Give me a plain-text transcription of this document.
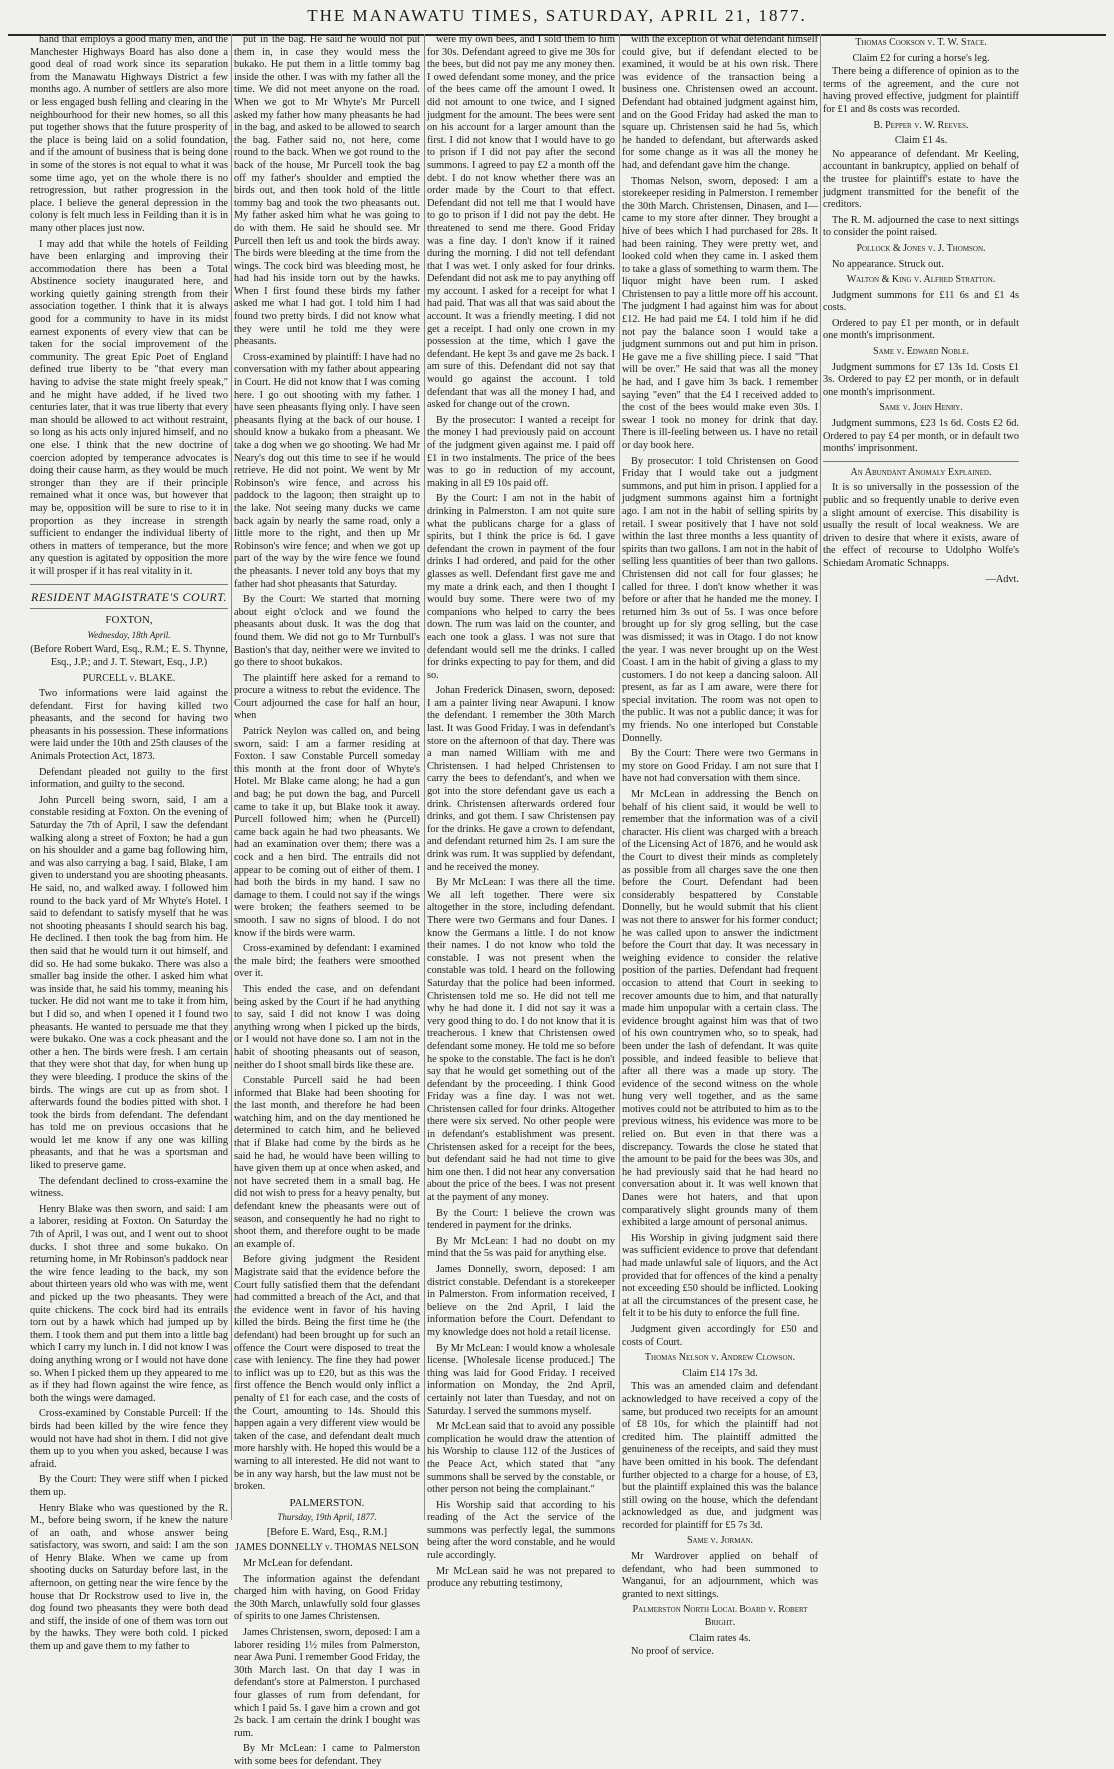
THE MANAWATU TIMES, SATURDAY, APRIL 21, 1877.

hand that employs a good many men, and the Manchester Highways Board has also done a good deal of road work since its separation from the Manawatu Highways District a few months ago. A number of settlers are also more or less engaged bush felling and clearing in the neighbourhood for their new homes, so all this put together shows that the future prosperity of the place is being laid on a solid foundation, and if the amount of business that is being done in some of the stores is not equal to what it was some time ago, yet on the whole there is no retrogression, but rather progression in the place. I believe the general depression in the colony is felt much less in Feilding than it is in many other places just now.

I may add that while the hotels of Feilding have been enlarging and improving their accommodation there has been a Total Abstinence society inaugurated here, and working quietly gaining strength from their association together. I think that it is always good for a community to have in its midst earnest exponents of every view that can be taken for the social improvement of the community. The great Epic Poet of England defined true liberty to be "that every man having to advise the state might freely speak," and he might have added, if he lived two centuries later, that it was true liberty that every man should be allowed to act without restraint, so long as his acts only injured himself, and no one else. I think that the new doctrine of coercion adopted by temperance advocates is doing their cause harm, as they would be much stronger than they are if their principle remained what it once was, but however that may be, opposition will be sure to rise to it in proportion as they increase in strength sufficient to endanger the individual liberty of others in matters of temperance, but the more any question is agitated by opposition the more it will prosper if it has real vitality in it.

RESIDENT MAGISTRATE'S COURT.
FOXTON,
Wednesday, 18th April.
(Before Robert Ward, Esq., R.M.; E. S. Thynne, Esq., J.P.; and J. T. Stewart, Esq., J.P.)
PURCELL v. BLAKE.

Two informations were laid against the defendant. First for having killed two pheasants, and the second for having two pheasants in his possession. These informations were laid under the 10th and 25th clauses of the Animals Protection Act, 1873.

Defendant pleaded not guilty to the first information, and guilty to the second.

John Purcell being sworn, said, I am a constable residing at Foxton. On the evening of Saturday the 7th of April, I saw the defendant walking along a street of Foxton; he had a gun on his shoulder and a game bag following him, and was also carrying a bag. I said, Blake, I am given to understand you are shooting pheasants. He said, no, and walked away. I followed him round to the back yard of Mr Whyte's Hotel. I said to defendant to satisfy myself that he was not shooting pheasants I should search his bag. He declined. I then took the bag from him. He then said that he would turn it out himself, and did so. He had some bukako. There was also a smaller bag inside the other. I asked him what was inside that, he said his tommy, meaning his tucker. He did not want me to take it from him, but I did so, and when I opened it I found two pheasants. He wanted to persuade me that they were bukako. One was a cock pheasant and the other a hen. The birds were fresh. I am certain that they were shot that day, for when hung up they were bleeding. I produce the skins of the birds. The wings are cut up as from shot. I afterwards found the bodies pitted with shot. I took the birds from defendant. The defendant has told me on previous occasions that he would let me know if any one was killing pheasants, and that he was a sportsman and liked to preserve game.

The defendant declined to cross-examine the witness.

Henry Blake was then sworn, and said: I am a laborer, residing at Foxton. On Saturday the 7th of April, I was out, and I went out to shoot ducks. I shot three and some bukako. On returning home, in Mr Robinson's paddock near the wire fence leading to the back, my son about thirteen years old who was with me, went and picked up the two pheasants. They were quite chickens. The cock bird had its entrails torn out by a hawk which had jumped up by them. I took them and put them into a little bag which I carry my lunch in. I did not know I was doing anything wrong or I would not have done so. When I picked them up they appeared to me as if they had flown against the wire fence, as both the wings were damaged.

Cross-examined by Constable Purcell: If the birds had been killed by the wire fence they would not have had shot in them. I did not give them up to you when you asked, because I was afraid.

By the Court: They were stiff when I picked them up.

Henry Blake who was questioned by the R. M., before being sworn, if he knew the nature of an oath, and whose answer being satisfactory, was sworn, and said: I am the son of Henry Blake. When we came up from shooting ducks on Saturday before last, in the afternoon, on getting near the wire fence by the house that Dr Rockstrow used to live in, the dog found two pheasants they were both dead and stiff, the inside of one of them was torn out by the hawks. They were both cold. I picked them up and gave them to my father to

put in the bag. He said he would not put them in, in case they would mess the bukako. He put them in a little tommy bag inside the other. I was with my father all the time. We did not meet anyone on the road. When we got to Mr Whyte's Mr Purcell asked my father how many pheasants he had in the bag, and asked to be allowed to search the bag. Father said no, not here, come round to the back. When we got round to the back of the house, Mr Purcell took the bag off my father's shoulder and emptied the birds out, and then took hold of the little tommy bag and took the two pheasants out. My father asked him what he was going to do with them. He said he should see. Mr Purcell then left us and took the birds away. The birds were bleeding at the time from the wings. The cock bird was bleeding most, he had had his inside torn out by the hawks. When I first found these birds my father asked me what I had got. I told him I had found two pretty birds. I did not know what they were until he told me they were pheasants.

Cross-examined by plaintiff: I have had no conversation with my father about appearing in Court. He did not know that I was coming here. I go out shooting with my father. I have seen pheasants flying only. I have seen pheasants flying at the back of our house. I should know a bukako from a pheasant. We take a dog when we go shooting. We had Mr Neary's dog out this time to see if he would retrieve. He did not point. We went by Mr Robinson's wire fence, and across his paddock to the lagoon; then straight up to the lake. Not seeing many ducks we came back again by nearly the same road, only a little more to the right, and then up Mr Robinson's wire fence; and when we got up part of the way by the wire fence we found the pheasants. I never told any boys that my father had shot pheasants that Saturday.

By the Court: We started that morning about eight o'clock and we found the pheasants about dusk. It was the dog that found them. We did not go to Mr Turnbull's Bastion's that day, neither were we invited to go there to shoot bukakos.

The plaintiff here asked for a remand to procure a witness to rebut the evidence. The Court adjourned the case for half an hour, when

Patrick Neylon was called on, and being sworn, said: I am a farmer residing at Foxton. I saw Constable Purcell someday this month at the front door of Whyte's Hotel. Mr Blake came along; he had a gun and bag; he put down the bag, and Purcell came to take it up, but Blake took it away. Purcell followed him; when he (Purcell) came back again he had two pheasants. We had an examination over them; there was a cock and a hen bird. The entrails did not appear to be coming out of either of them. I had both the birds in my hand. I saw no damage to them. I could not say if the wings were broken; the feathers seemed to be smooth. I saw no signs of blood. I do not know if the birds were warm.

Cross-examined by defendant: I examined the male bird; the feathers were smoothed over it.

This ended the case, and on defendant being asked by the Court if he had anything to say, said I did not know I was doing anything wrong when I picked up the birds, or I would not have done so. I am not in the habit of shooting pheasants out of season, neither do I shoot small birds like these are.

Constable Purcell said he had been informed that Blake had been shooting for the last month, and therefore he had been watching him, and on the day mentioned he determined to catch him, and he believed that if Blake had come by the birds as he said he had, he would have been willing to have given them up at once when asked, and not have secreted them in a small bag. He did not wish to press for a heavy penalty, but defendant knew the pheasants were out of season, and consequently he had no right to shoot them, and therefore ought to be made an example of.

Before giving judgment the Resident Magistrate said that the evidence before the Court fully satisfied them that the defendant had committed a breach of the Act, and that the evidence went in favor of his having killed the birds. Being the first time he (the defendant) had been brought up for such an offence the Court were disposed to treat the case with leniency. The fine they had power to inflict was up to £20, but as this was the first offence the Bench would only inflict a penalty of £1 for each case, and the costs of the Court, amounting to 14s. Should this happen again a very different view would be taken of the case, and defendant dealt much more harshly with. He hoped this would be a warning to all interested. He did not want to be in any way harsh, but the law must not be broken.

PALMERSTON.
Thursday, 19th April, 1877.
[Before E. Ward, Esq., R.M.]
JAMES DONNELLY v. THOMAS NELSON

Mr McLean for defendant.

The information against the defendant charged him with having, on Good Friday the 30th March, unlawfully sold four glasses of spirits to one James Christensen.

James Christensen, sworn, deposed: I am a laborer residing 1½ miles from Palmerston, near Awa Puni. I remember Good Friday, the 30th March last. On that day I was in defendant's store at Palmerston. I purchased four glasses of rum from defendant, for which I paid 5s. I gave him a crown and got 2s back. I am certain the drink I bought was rum.

By Mr McLean: I came to Palmerston with some bees for defendant. They

were my own bees, and I sold them to him for 30s. Defendant agreed to give me 30s for the bees, but did not pay me any money then. I owed defendant some money, and the price of the bees came off the amount I owed. It did not amount to one twice, and I signed judgment for the amount. The bees were sent on his account for a larger amount than the first. I did not know that I would have to go to prison if I did not pay after the second summons. I agreed to pay £2 a month off the debt. I do not know whether there was an order made by the Court to that effect. Defendant did not tell me that I would have to go to prison if I did not pay the debt. He threatened to send me there. Good Friday was a fine day. I don't know if it rained during the morning. I did not tell defendant that I was wet. I only asked for four drinks. Defendant did not ask me to pay anything off my account. I asked for a receipt for what I had paid. That was all that was said about the account. It was a friendly meeting. I did not get a receipt. I had only one crown in my possession at the time, which I gave the defendant. He kept 3s and gave me 2s back. I am sure of this. Defendant did not say that would go against the account. I told defendant that was all the money I had, and asked for change out of the crown.

By the prosecutor: I wanted a receipt for the money I had previously paid on account of the judgment given against me. I paid off £1 in two instalments. The price of the bees was to go in reduction of my account, making in all £9 10s paid off.

By the Court: I am not in the habit of drinking in Palmerston. I am not quite sure what the publicans charge for a glass of spirits, but I think the price is 6d. I gave defendant the crown in payment of the four drinks I had ordered, and paid for the other glasses as well. Defendant first gave me and my mate a drink each, and then I thought I would buy some. There were two of my companions who helped to carry the bees down. The rum was laid on the counter, and each one took a glass. I was not sure that defendant would sell me the drinks. I called for drinks expecting to pay for them, and did so.

Johan Frederick Dinasen, sworn, deposed: I am a painter living near Awapuni. I know the defendant. I remember the 30th March last. It was Good Friday. I was in defendant's store on the afternoon of that day. There was a man named William with me and Christensen. I had helped Christensen to carry the bees to defendant's, and when we got into the store defendant gave us each a drink. Christensen afterwards ordered four drinks, and got them. I saw Christensen pay for the drinks. He gave a crown to defendant, and defendant returned him 2s. I am sure the drink was rum. It was supplied by defendant, and he received the money.

By Mr McLean: I was there all the time. We all left together. There were six altogether in the store, including defendant. There were two Germans and four Danes. I know the Germans a little. I do not know their names. I do not know who told the constable. I was not present when the constable was told. I heard on the following Saturday that the police had been informed. Christensen told me so. He did not tell me why he had done it. I did not say it was a very good thing to do. I do not know that it is treacherous. I knew that Christensen owed defendant some money. He told me so before he spoke to the constable. The fact is he don't say that he would get something out of the defendant by the proceeding. I think Good Friday was a fine day. I was not wet. Christensen called for four drinks. Altogether there were six served. No other people were in defendant's establishment was present. Christensen asked for a receipt for the bees, but defendant said he had not time to give him one then. I did not hear any conversation about the price of the bees. I was not present at the payment of any money.

By the Court: I believe the crown was tendered in payment for the drinks.

By Mr McLean: I had no doubt on my mind that the 5s was paid for anything else.

James Donnelly, sworn, deposed: I am district constable. Defendant is a storekeeper in Palmerston. From information received, I believe on the 2nd April, I laid the information before the Court. Defendant to my knowledge does not hold a retail license.

By Mr McLean: I would know a wholesale license. [Wholesale license produced.] The thing was laid for Good Friday. I received information on Monday, the 2nd April, certainly not later than Tuesday, and not on Saturday. I served the summons myself.

Mr McLean said that to avoid any possible complication he would draw the attention of his Worship to clause 112 of the Justices of the Peace Act, which stated that "any summons shall be served by the constable, or other person not being the complainant."

His Worship said that according to his reading of the Act the service of the summons was perfectly legal, the summons being after the word constable, and he would rule accordingly.

Mr McLean said he was not prepared to produce any rebutting testimony,

with the exception of what defendant himself could give, but if defendant elected to be examined, it would be at his own risk. There was evidence of the transaction being a business one. Christensen owed an account. Defendant had obtained judgment against him, and on the Good Friday had asked the man to square up. Christensen said he had 5s, which he handed to defendant, but afterwards asked for some change as it was all the money he had, and defendant gave him the change.

Thomas Nelson, sworn, deposed: I am a storekeeper residing in Palmerston. I remember the 30th March. Christensen, Dinasen, and I—came to my store after dinner. They brought a hive of bees which I had purchased for 28s. It had been raining. They were pretty wet, and looked cold when they came in. I asked them to take a glass of something to warm them. The liquor might have been rum. I asked Christensen to pay a little more off his account. The judgment I had against him was for about £12. He had paid me £4. I told him if he did not pay the balance soon I would take a judgment summons out and put him in prison. He gave me a five shilling piece. I said "That will be over." He said that was all the money he had, and I gave him 3s back. I remember saying "even" that the £4 I received added to the cost of the bees would make even 30s. I swear I took no money for drink that day. There is ill-feeling between us. I have no retail or day book here.

By prosecutor: I told Christensen on Good Friday that I would take out a judgment summons, and put him in prison. I applied for a judgment summons against him a fortnight ago. I am not in the habit of selling spirits by retail. I swear positively that I have not sold within the last three months a less quantity of spirits than two gallons. I am not in the habit of selling less quantities of beer than two gallons. Christensen did not call for four glasses; he called for three. I don't know whether it was before or after that he handed me the money. I returned him 3s out of 5s. I was once before brought up for sly grog selling, but the case was dismissed; it was in Otago. I do not know the year. I was never brought up on the West Coast. I am in the habit of giving a glass to my customers. I do not keep a dancing saloon. All present, as far as I am aware, were there for special invitation. The room was not open to the public. It was not a public dance; it was for my friends. No one interloped but Constable Donnelly.

By the Court: There were two Germans in my store on Good Friday. I am not sure that I have not had conversation with them since.

Mr McLean in addressing the Bench on behalf of his client said, it would be well to remember that the information was of a civil character. His client was charged with a breach of the Licensing Act of 1876, and he would ask the Court to divest their minds as completely as possible from all charges save the one then before the Court. Defendant had been considerably bespattered by Constable Donnelly, but he would submit that his client was not there to answer for his former conduct; he was called upon to answer the indictment before the Court that day. It was necessary in weighing evidence to consider the relative position of the parties. Defendant had frequent occasion to attend that Court in seeking to recover amounts due to him, and that naturally made him unpopular with a certain class. The evidence brought against him was that of two of his own countrymen who, so to speak, had been under the lash of defendant. It was quite possible, and indeed feasible to believe that after all there was a made up story. The evidence of the second witness on the whole hung very well together, and as the same motives could not be attributed to him as to the previous witness, his evidence was more to be relied on. But even in that there was a discrepancy. Towards the close he stated that the amount to be paid for the bees was 30s, and he had previously said that he had heard no conversation about it. It was well known that Danes were hot haters, and that upon comparatively slight grounds many of them exhibited a large amount of personal animus.

His Worship in giving judgment said there was sufficient evidence to prove that defendant had made unlawful sale of liquors, and the Act provided that for offences of the kind a penalty not exceeding £50 should be inflicted. Looking at all the circumstances of the present case, he felt it to be his duty to enforce the full fine.

Judgment given accordingly for £50 and costs of Court.

Thomas Nelson v. Andrew Clowson.
Claim £14 17s 3d.

This was an amended claim and defendant acknowledged to have received a copy of the same, but produced two receipts for an amount of £8 10s, for which the plaintiff had not credited him. The plaintiff admitted the genuineness of the receipts, and said they must have been omitted in his book. The defendant further objected to a charge for a house, of £3, but the plaintiff explained this was the balance still owing on the house, which the defendant acknowledged as due, and judgment was recorded for plaintiff for £5 7s 3d.

Same v. Jorman.

Mr Wardrover applied on behalf of defendant, who had been summoned to Wanganui, for an adjournment, which was granted to next sittings.

Palmerston North Local Board v. Robert Bright.
Claim rates 4s.

No proof of service.

Thomas Cookson v. T. W. Stace.
Claim £2 for curing a horse's leg.

There being a difference of opinion as to the terms of the agreement, and the cure not having proved effective, judgment for plaintiff for £1 and 8s costs was recorded.

B. Pepper v. W. Reeves.
Claim £1 4s.

No appearance of defendant. Mr Keeling, accountant in bankruptcy, applied on behalf of the trustee for plaintiff's estate to have the judgment transmitted for the benefit of the creditors.

The R. M. adjourned the case to next sittings to consider the point raised.

Pollock & Jones v. J. Thomson.

No appearance. Struck out.

Walton & King v. Alfred Stratton.

Judgment summons for £11 6s and £1 4s costs.

Ordered to pay £1 per month, or in default one month's imprisonment.

Same v. Edward Noble.

Judgment summons for £7 13s 1d. Costs £1 3s. Ordered to pay £2 per month, or in default one month's imprisonment.

Same v. John Henry.

Judgment summons, £23 1s 6d. Costs £2 6d. Ordered to pay £4 per month, or in default two months' imprisonment.

An Abundant Anomaly Explained.

It is so universally in the possession of the public and so frequently unable to derive even a slight amount of exercise. This disability is usually the result of local weakness. We are driven to desire that where it exists, aware of the effect of recourse to Udolpho Wolfe's Schiedam Aromatic Schnapps.

—Advt.
